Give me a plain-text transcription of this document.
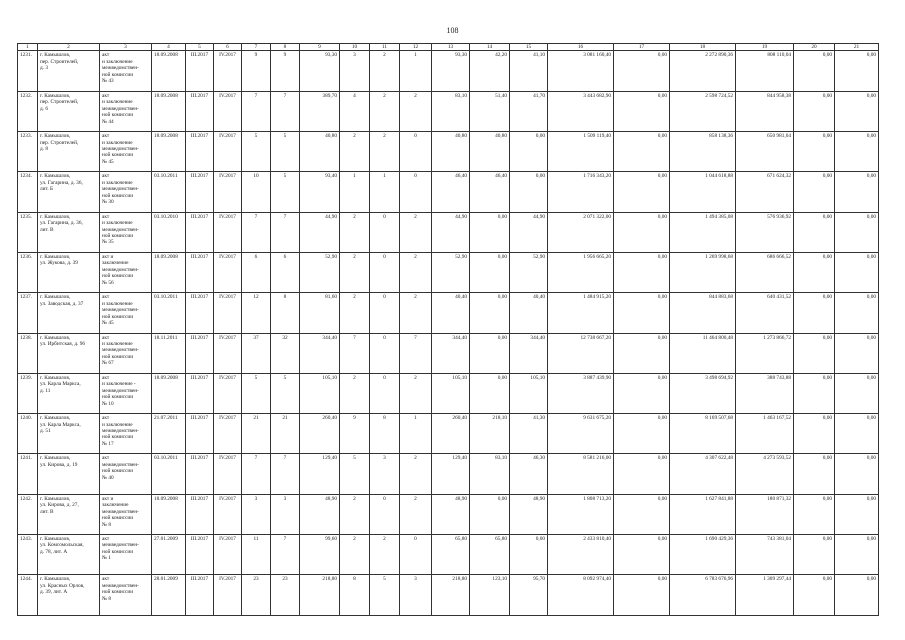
108
1	2	3	4	5	6	7	8	9	10	11	12	13	14	15	16	17	18	19	20	21
1231.	г. Камышлов,
пер. Строителей,
д. 3	акт
и заключение
межведомствен-
ной комиссии
№ 43	18.09.2008	III.2017	IV.2017	9	9	93,30	3	2	1	93,30	42,20	41,10	3 081 160,40	0,00	2 272 890,36	808 110,04	0,00	0,00
1232.	г. Камышлов,
пер. Строителей,
д. 6	акт
и заключение
межведомствен-
ной комиссии
№ 44	18.09.2008	III.2017	IV.2017	7	7	389,70	4	2	2	83,10	51,40	41,70	3 443 682,90	0,00	2 598 724,52	844 958,38	0,00	0,00
1233.	г. Камышлов,
пер. Строителей,
д. 8	акт
и заключение
межведомствен-
ной комиссии
№ 45	18.09.2008	III.2017	IV.2017	5	5	40,80	2	2	0	40,80	40,80	0,00	1 509 119,40	0,00	858 138,36	650 981,04	0,00	0,00
1234.	г. Камышлов,
ул. Гагарина, д. 36,
лит. Б	акт
и заключение
межведомствен-
ной комиссии
№ 30	03.10.2011	III.2017	IV.2017	10	5	93,40	1	1	0	46,40	46,40	0,00	1 716 343,20	0,00	1 044 618,88	671 624,32	0,00	0,00
1235.	г. Камышлов,
ул. Гагарина, д. 36,
лит. В	акт
и заключение
межведомствен-
ной комиссии
№ 35	03.10.2010	III.2017	IV.2017	7	7	44,90	2	0	2	44,90	0,00	44,90	2 071 322,00	0,00	1 494 385,08	576 936,92	0,00	0,00
1236.	г. Камышлов,
ул. Жукова, д. 39	акт и
заключение
межведомствен-
ной комиссии
№ 56	18.09.2008	III.2017	IV.2017	6	6	52,90	2	0	2	52,90	0,00	52,90	1 956 665,20	0,00	1 269 998,68	686 666,52	0,00	0,00
1237.	г. Камышлов,
ул. Заводская, д. 37	акт
и заключение
межведомствен-
ной комиссии
№ 45	03.10.2011	III.2017	IV.2017	12	8	81,60	2	0	2	40,40	0,00	40,40	1 484 915,20	0,00	844 883,68	640 431,52	0,00	0,00
1238.	г. Камышлов,
ул. Ирбитская, д. 96	акт
и заключение
межведомствен-
ной комиссии
№ 67	18.11.2011	III.2017	IV.2017	37	32	344,40	7	0	7	344,40	0,00	344,40	12 738 667,20	0,00	11 464 800,48	1 273 866,72	0,00	0,00
1239.	г. Камышлов,
ул. Карла Маркса,
д. 11	акт
и заключение -
межведомствен-
ной комиссии
№ 10	18.09.2008	III.2017	IV.2017	5	5	105,10	2	0	2	105,10	0,00	105,10	3 887 439,90	0,00	3 498 694,92	388 743,88	0,00	0,00
1240.	г. Камышлов,
ул. Карла Маркса,
д. 51	акт
и заключение
межведомствен-
ной комиссии
№ 17	21.07.2011	III.2017	IV.2017	21	21	260,40	9	8	1	260,40	218,10	41,30	9 631 675,20	0,00	8 169 507,68	1 463 167,52	0,00	0,00
1241.	г. Камышлов,
ул. Кирова, д. 19	акт
межведомствен-
ной комиссии
№ 40	03.10.2011	III.2017	IV.2017	7	7	129,40	5	3	2	129,40	83,10	46,30	8 581 216,00	0,00	4 307 622,48	4 273 593,52	0,00	0,00
1242.	г. Камышлов,
ул. Кирова, д. 27,
лит. В	акт и
заключение
межведомствен-
ной комиссии
№ 8	18.09.2008	III.2017	IV.2017	3	3	48,90	2	0	2	48,90	0,00	48,90	1 808 713,20	0,00	1 627 841,88	180 871,32	0,00	0,00
1243.	г. Камышлов,
ул. Комсомольская,
д. 78, лит. А	акт
межведомствен-
ной комиссии
№ 1	27.01.2009	III.2017	IV.2017	11	7	99,60	2	2	0	65,80	65,80	0,00	2 433 810,40	0,00	1 690 429,36	743 381,04	0,00	0,00
1244.	г. Камышлов,
ул. Красных Орлов,
д. 39, лит. А	акт
межведомствен-
ной комиссии
№ 8	28.01.2009	III.2017	IV.2017	23	23	218,80	8	5	3	218,80	123,10	95,70	8 092 974,40	0,00	6 783 676,96	1 309 297,44	0,00	0,00
